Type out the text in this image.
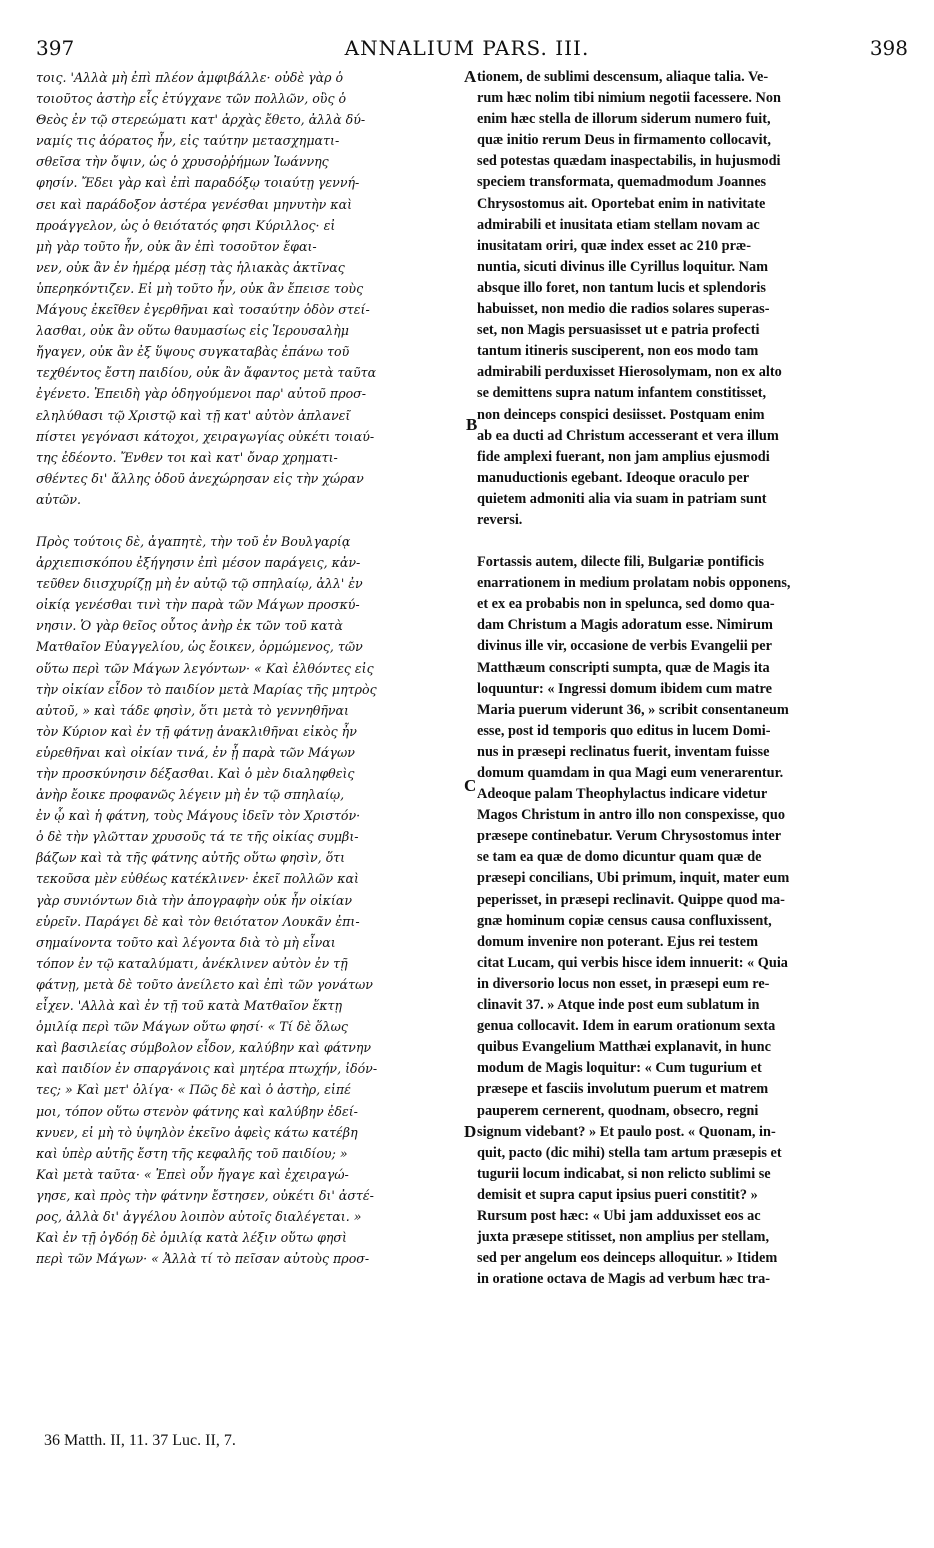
397	ANNALIUM PARS. III.	398
τοις. 'Αλλὰ μὴ ἐπὶ πλέον ἀμφιβάλλε· οὐδὲ γὰρ ὁ
τοιοῦτος ἀστὴρ εἷς ἐτύγχανε τῶν πολλῶν, οὓς ὁ
Θεὸς ἐν τῷ στερεώματι κατ' ἀρχὰς ἔθετο, ἀλλὰ δύ-
ναμίς τις ἀόρατος ἦν, εἰς ταύτην μετασχηματι-
σθεῖσα τὴν ὄψιν, ὡς ὁ χρυσοῤῥήμων Ἰωάννης
φησίν. Ἔδει γὰρ καὶ ἐπὶ παραδόξῳ τοιαύτῃ γεννή-
σει καὶ παράδοξον ἀστέρα γενέσθαι μηνυτὴν καὶ
προάγγελον, ὡς ὁ θειότατός φησι Κύριλλος· εἰ
μὴ γὰρ τοῦτο ἦν, οὐκ ἂν ἐπὶ τοσοῦτον ἔφαι-
νεν, οὐκ ἂν ἐν ἡμέρᾳ μέσῃ τὰς ἡλιακὰς ἀκτῖνας
ὑπερηκόντιζεν. Εἰ μὴ τοῦτο ἦν, οὐκ ἂν ἔπεισε τοὺς
Μάγους ἐκεῖθεν ἐγερθῆναι καὶ τοσαύτην ὁδὸν στεί-
λασθαι, οὐκ ἂν οὕτω θαυμασίως εἰς Ἱερουσαλὴμ
ἤγαγεν, οὐκ ἂν ἐξ ὕψους συγκαταβὰς ἐπάνω τοῦ
τεχθέντος ἔστη παιδίου, οὐκ ἂν ἄφαντος μετὰ ταῦτα
ἐγένετο. Ἐπειδὴ γὰρ ὁδηγούμενοι παρ' αὐτοῦ προσ-
εληλύθασι τῷ Χριστῷ καὶ τῇ κατ' αὐτὸν ἀπλανεῖ
πίστει γεγόνασι κάτοχοι, χειραγωγίας οὐκέτι τοιαύ-
της ἐδέοντο. Ἔνθεν τοι καὶ κατ' ὄναρ χρηματι-
σθέντες δι' ἄλλης ὁδοῦ ἀνεχώρησαν εἰς τὴν χώραν
αὐτῶν.
Πρὸς τούτοις δὲ, ἀγαπητὲ, τὴν τοῦ ἐν Βουλγαρίᾳ
ἀρχιεπισκόπου ἐξήγησιν ἐπὶ μέσον παράγεις, κἀν-
τεῦθεν διισχυρίζῃ μὴ ἐν αὐτῷ τῷ σπηλαίῳ, ἀλλ' ἐν
οἰκίᾳ γενέσθαι τινὶ τὴν παρὰ τῶν Μάγων προσκύ-
νησιν. Ὁ γὰρ θεῖος οὗτος ἀνὴρ ἐκ τῶν τοῦ κατὰ
Ματθαῖον Εὐαγγελίου, ὡς ἔοικεν, ὁρμώμενος, τῶν
οὕτω περὶ τῶν Μάγων λεγόντων· « Καὶ ἐλθόντες εἰς
τὴν οἰκίαν εἶδον τὸ παιδίον μετὰ Μαρίας τῆς μητρὸς
αὐτοῦ, » καὶ τάδε φησὶν, ὅτι μετὰ τὸ γεννηθῆναι
τὸν Κύριον καὶ ἐν τῇ φάτνῃ ἀνακλιθῆναι εἰκὸς ἦν
εὑρεθῆναι καὶ οἰκίαν τινά, ἐν ᾗ παρὰ τῶν Μάγων
τὴν προσκύνησιν δέξασθαι. Καὶ ὁ μὲν διαληφθεὶς
ἀνὴρ ἔοικε προφανῶς λέγειν μὴ ἐν τῷ σπηλαίῳ,
ἐν ᾧ καὶ ἡ φάτνη, τοὺς Μάγους ἰδεῖν τὸν Χριστόν·
ὁ δὲ τὴν γλῶτταν χρυσοῦς τά τε τῆς οἰκίας συμβι-
βάζων καὶ τὰ τῆς φάτνης αὐτῆς οὕτω φησὶν, ὅτι
τεκοῦσα μὲν εὐθέως κατέκλινεν· ἐκεῖ πολλῶν καὶ
γὰρ συνιόντων διὰ τὴν ἀπογραφὴν οὐκ ἦν οἰκίαν
εὑρεῖν. Παράγει δὲ καὶ τὸν θειότατον Λουκᾶν ἐπι-
σημαίνοντα τοῦτο καὶ λέγοντα διὰ τὸ μὴ εἶναι
τόπον ἐν τῷ καταλύματι, ἀνέκλινεν αὐτὸν ἐν τῇ
φάτνῃ, μετὰ δὲ τοῦτο ἀνείλετο καὶ ἐπὶ τῶν γονάτων
εἶχεν. 'Αλλὰ καὶ ἐν τῇ τοῦ κατὰ Ματθαῖον ἕκτῃ
ὁμιλίᾳ περὶ τῶν Μάγων οὕτω φησί· « Τί δὲ ὅλως
καὶ βασιλείας σύμβολον εἶδον, καλύβην καὶ φάτνην
καὶ παιδίον ἐν σπαργάνοις καὶ μητέρα πτωχήν, ἰδόν-
τες; » Καὶ μετ' ὀλίγα· « Πῶς δὲ καὶ ὁ ἀστὴρ, εἰπέ
μοι, τόπον οὕτω στενὸν φάτνης καὶ καλύβην ἐδεί-
κνυεν, εἰ μὴ τὸ ὑψηλὸν ἐκεῖνο ἀφεὶς κάτω κατέβη
καὶ ὑπὲρ αὐτῆς ἔστη τῆς κεφαλῆς τοῦ παιδίου; »
Καὶ μετὰ ταῦτα· « Ἐπεὶ οὖν ἤγαγε καὶ ἐχειραγώ-
γησε, καὶ πρὸς τὴν φάτνην ἔστησεν, οὐκέτι δι' ἀστέ-
ρος, ἀλλὰ δι' ἀγγέλου λοιπὸν αὐτοῖς διαλέγεται. »
Καὶ ἐν τῇ ὀγδόῃ δὲ ὁμιλίᾳ κατὰ λέξιν οὕτω φησὶ
περὶ τῶν Μάγων· « Ἀλλὰ τί τὸ πεῖσαν αὐτοὺς προσ-
tionem, de sublimi descensum, aliaque talia. Ve-
rum hæc nolim tibi nimium negotii facessere. Non
enim hæc stella de illorum siderum numero fuit,
quæ initio rerum Deus in firmamento collocavit,
sed potestas quædam inaspectabilis, in hujusmodi
speciem transformata, quemadmodum Joannes
Chrysostomus ait. Oportebat enim in nativitate
admirabili et inusitata etiam stellam novam ac
inusitatam oriri, quæ index esset ac 210 præ-
nuntia, sicuti divinus ille Cyrillus loquitur. Nam
absque illo foret, non tantum lucis et splendoris
habuisset, non medio die radios solares superas-
set, non Magis persuasisset ut e patria profecti
tantum itineris susciperent, non eos modo tam
admirabili perduxisset Hierosolymam, non ex alto
se demittens supra natum infantem constitisset,
non deinceps conspici desiisset. Postquam enim
ab ea ducti ad Christum accesserant et vera illum
fide amplexi fuerant, non jam amplius ejusmodi
manuductionis egebant. Ideoque oraculo per
quietem admoniti alia via suam in patriam sunt
reversi.
Fortassis autem, dilecte fili, Bulgariæ pontificis
enarrationem in medium prolatam nobis opponens,
et ex ea probabis non in spelunca, sed domo qua-
dam Christum a Magis adoratum esse. Nimirum
divinus ille vir, occasione de verbis Evangelii per
Matthæum conscripti sumpta, quæ de Magis ita
loquuntur: « Ingressi domum ibidem cum matre
Maria puerum viderunt 36, » scribit consentaneum
esse, post id temporis quo editus in lucem Domi-
nus in præsepi reclinatus fuerit, inventam fuisse
domum quamdam in qua Magi eum venerarentur.
Adeoque palam Theophylactus indicare videtur
Magos Christum in antro illo non conspexisse, quo
præsepe continebatur. Verum Chrysostomus inter
se tam ea quæ de domo dicuntur quam quæ de
præsepi concilians, Ubi primum, inquit, mater eum
peperisset, in præsepi reclinavit. Quippe quod ma-
gnæ hominum copiæ census causa confluxissent,
domum invenire non poterant. Ejus rei testem
citat Lucam, qui verbis hisce idem innuerit: « Quia
in diversorio locus non esset, in præsepi eum re-
clinavit 37. » Atque inde post eum sublatum in
genua collocavit. Idem in earum orationum sexta
quibus Evangelium Matthæi explanavit, in hunc
modum de Magis loquitur: « Cum tugurium et
præsepe et fasciis involutum puerum et matrem
pauperem cernerent, quodnam, obsecro, regni
signum videbant? » Et paulo post. « Quonam, in-
quit, pacto (dic mihi) stella tam artum præsepis et
tugurii locum indicabat, si non relicto sublimi se
demisit et supra caput ipsius pueri constitit? »
Rursum post hæc: « Ubi jam adduxisset eos ac
juxta præsepe stitisset, non amplius per stellam,
sed per angelum eos deinceps alloquitur. » Itidem
in oratione octava de Magis ad verbum hæc tra-
A
B
C
D
36 Matth. II, 11. 37 Luc. II, 7.
